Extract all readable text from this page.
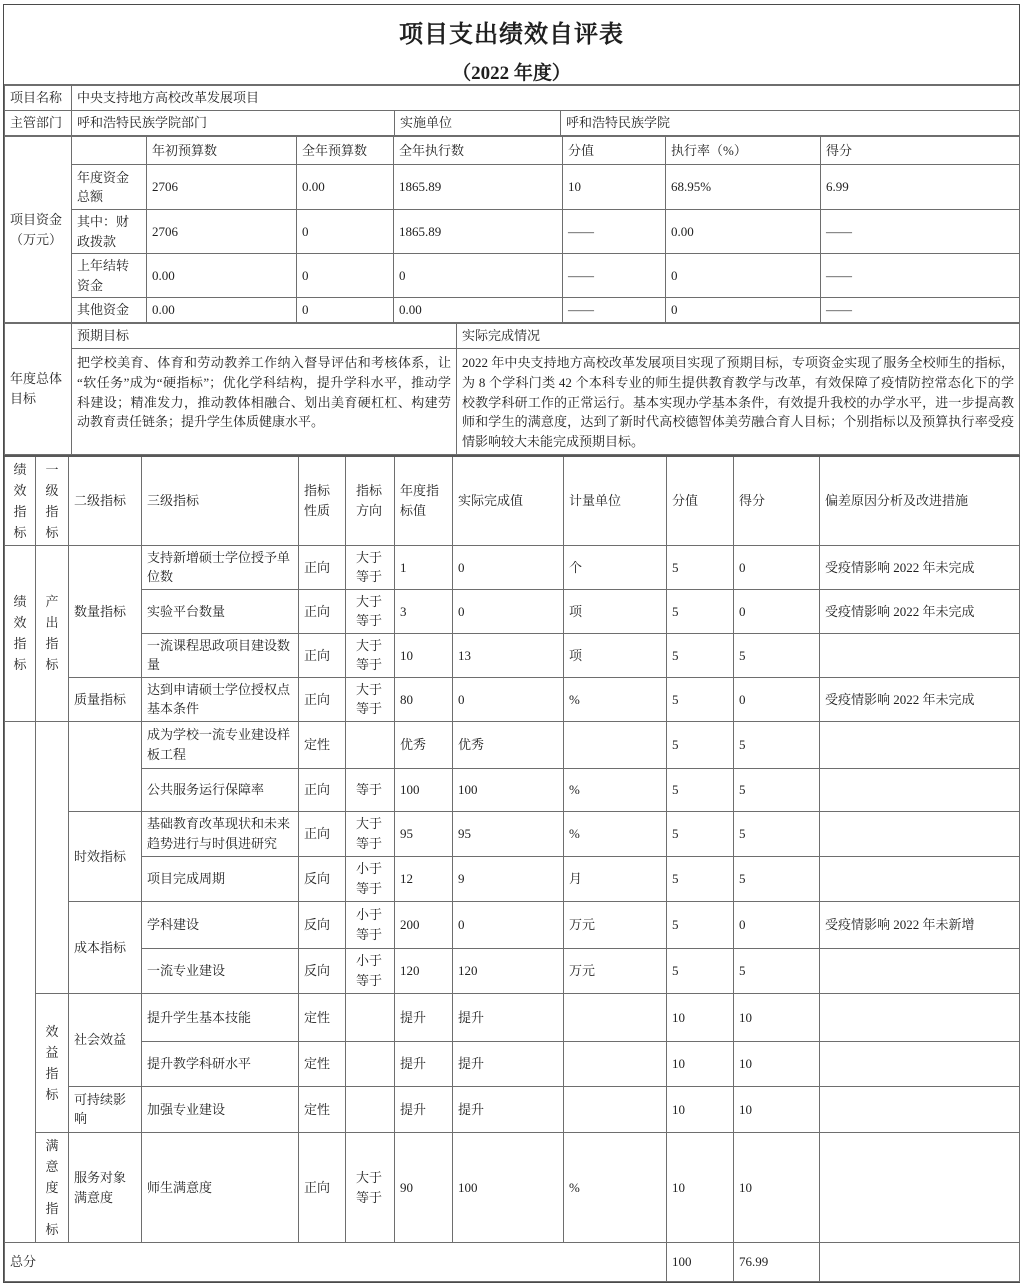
项目支出绩效自评表
（2022 年度）
项目名称	中央支持地方高校改革发展项目		
主管部门	呼和浩特民族学院部门	实施单位	呼和浩特民族学院
项目资金（万元）		年初预算数	全年预算数	全年执行数	分值	执行率（%）	得分
	年度资金总额	2706	0.00	1865.89	10	68.95%	6.99
	其中：财政拨款	2706	0	1865.89	——	0.00	——
	上年结转资金	0.00	0	0	——	0	——
	其他资金	0.00	0	0.00	——	0	——
年度总体目标	预期目标	实际完成情况
	把学校美育、体育和劳动教养工作纳入督导评估和考核体系，让“软任务”成为“硬指标”；优化学科结构，提升学科水平，推动学科建设；精准发力，推动教体相融合、划出美育硬杠杠、构建劳动教育责任链条；提升学生体质健康水平。	2022 年中央支持地方高校改革发展项目实现了预期目标，专项资金实现了服务全校师生的指标，为 8 个学科门类 42 个本科专业的师生提供教育教学与改革，有效保障了疫情防控常态化下的学校教学科研工作的正常运行。基本实现办学基本条件，有效提升我校的办学水平，进一步提高教师和学生的满意度，达到了新时代高校德智体美劳融合育人目标；个别指标以及预算执行率受疫情影响较大未能完成预期目标。
绩效指标	一级指标	二级指标	三级指标	指标性质	指标方向	年度指标值	实际完成值	计量单位	分值	得分	偏差原因分析及改进措施
绩效指标	产出指标	数量指标	支持新增硕士学位授予单位数	正向	大于等于	1	0	个	5	0	受疫情影响 2022 年未完成
			实验平台数量	正向	大于等于	3	0	项	5	0	受疫情影响 2022 年未完成
			一流课程思政项目建设数量	正向	大于等于	10	13	项	5	5	
		质量指标	达到申请硕士学位授权点基本条件	正向	大于等于	80	0	%	5	0	受疫情影响 2022 年未完成
			成为学校一流专业建设样板工程	定性		优秀	优秀		5	5	
			公共服务运行保障率	正向	等于	100	100	%	5	5	
		时效指标	基础教育改革现状和未来趋势进行与时俱进研究	正向	大于等于	95	95	%	5	5	
			项目完成周期	反向	小于等于	12	9	月	5	5	
		成本指标	学科建设	反向	小于等于	200	0	万元	5	0	受疫情影响 2022 年未新增
			一流专业建设	反向	小于等于	120	120	万元	5	5	
	效益指标	社会效益	提升学生基本技能	定性		提升	提升		10	10	
			提升教学科研水平	定性		提升	提升		10	10	
		可持续影响	加强专业建设	定性		提升	提升		10	10	
	满意度指标	服务对象满意度	师生满意度	正向	大于等于	90	100	%	10	10	
总分									100	76.99	
